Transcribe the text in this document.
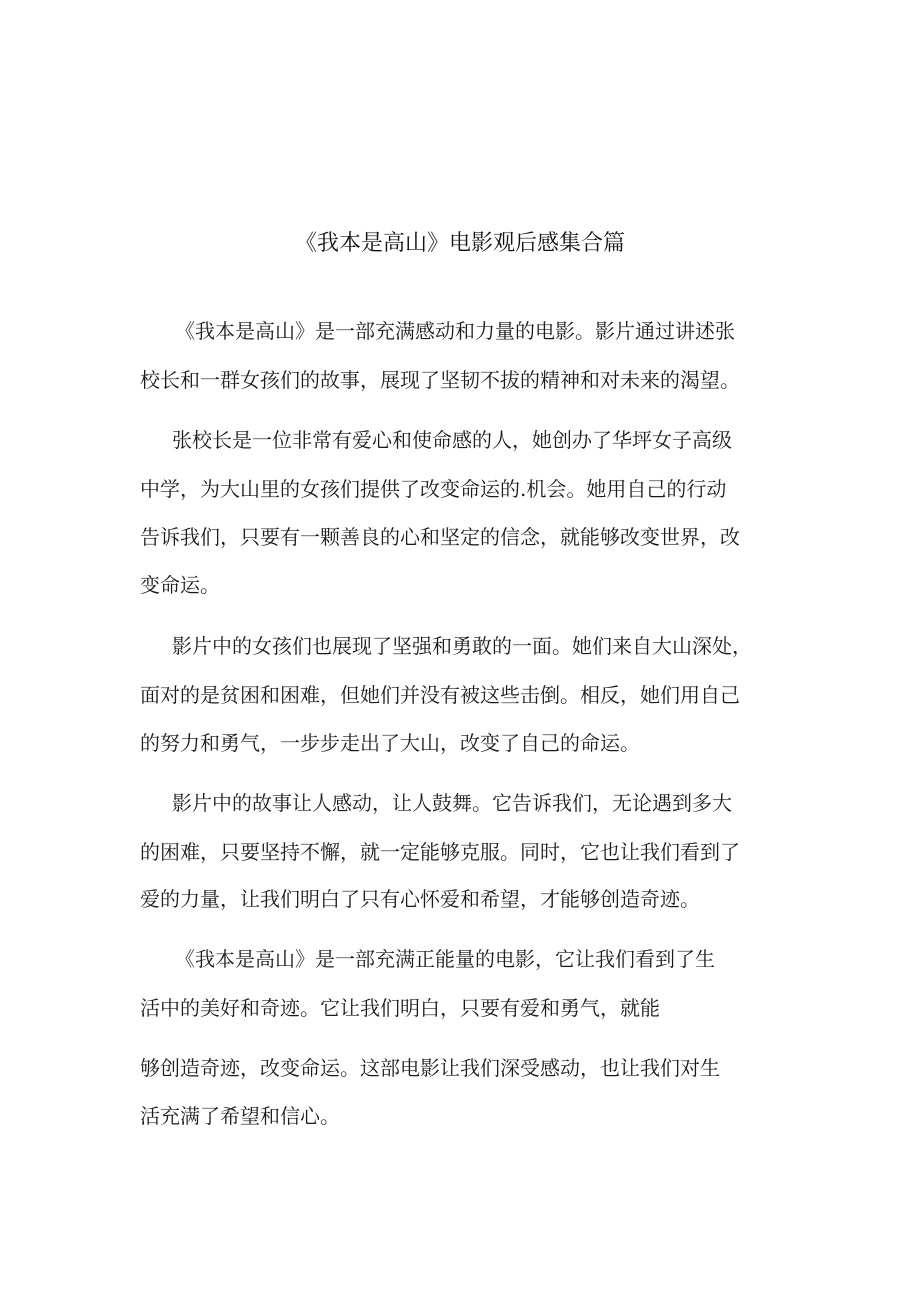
《我本是高山》电影观后感集合篇
　《我本是高山》是一部充满感动和力量的电影。影片通过讲述张
校长和一群女孩们的故事，展现了坚韧不拔的精神和对未来的渴望。
张校长是一位非常有爱心和使命感的人，她创办了华坪女子高级
中学，为大山里的女孩们提供了改变命运的.机会。她用自己的行动
告诉我们，只要有一颗善良的心和坚定的信念，就能够改变世界，改
变命运。
影片中的女孩们也展现了坚强和勇敢的一面。她们来自大山深处，
面对的是贫困和困难，但她们并没有被这些击倒。相反，她们用自己
的努力和勇气，一步步走出了大山，改变了自己的命运。
影片中的故事让人感动，让人鼓舞。它告诉我们，无论遇到多大
的困难，只要坚持不懈，就一定能够克服。同时，它也让我们看到了
爱的力量，让我们明白了只有心怀爱和希望，才能够创造奇迹。
　《我本是高山》是一部充满正能量的电影，它让我们看到了生
活中的美好和奇迹。它让我们明白，只要有爱和勇气，就能
够创造奇迹，改变命运。这部电影让我们深受感动，也让我们对生
活充满了希望和信心。
